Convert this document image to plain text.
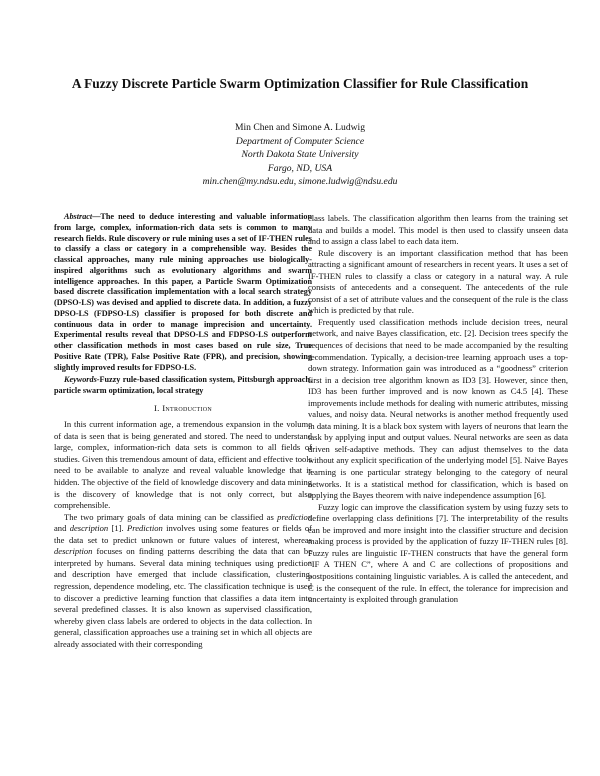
A Fuzzy Discrete Particle Swarm Optimization Classifier for Rule Classification
Min Chen and Simone A. Ludwig
Department of Computer Science
North Dakota State University
Fargo, ND, USA
min.chen@my.ndsu.edu, simone.ludwig@ndsu.edu

Abstract—The need to deduce interesting and valuable information from large, complex, information-rich data sets is common to many research fields. Rule discovery or rule mining uses a set of IF-THEN rules to classify a class or category in a comprehensible way. Besides the classical approaches, many rule mining approaches use biologically-inspired algorithms such as evolutionary algorithms and swarm intelligence approaches. In this paper, a Particle Swarm Optimization based discrete classification implementation with a local search strategy (DPSO-LS) was devised and applied to discrete data. In addition, a fuzzy DPSO-LS (FDPSO-LS) classifier is proposed for both discrete and continuous data in order to manage imprecision and uncertainty. Experimental results reveal that DPSO-LS and FDPSO-LS outperform other classification methods in most cases based on rule size, True Positive Rate (TPR), False Positive Rate (FPR), and precision, showing slightly improved results for FDPSO-LS.

Keywords-Fuzzy rule-based classification system, Pittsburgh approach, particle swarm optimization, local strategy

I. Introduction

In this current information age, a tremendous expansion in the volume of data is seen that is being generated and stored. The need to understand large, complex, information-rich data sets is common to all fields of studies. Given this tremendous amount of data, efficient and effective tools need to be available to analyze and reveal valuable knowledge that is hidden. The objective of the field of knowledge discovery and data mining is the discovery of knowledge that is not only correct, but also comprehensible.

The two primary goals of data mining can be classified as prediction and description [1]. Prediction involves using some features or fields of the data set to predict unknown or future values of interest, whereas description focuses on finding patterns describing the data that can be interpreted by humans. Several data mining techniques using prediction and description have emerged that include classification, clustering, regression, dependence modeling, etc. The classification technique is used to discover a predictive learning function that classifies a data item into several predefined classes. It is also known as supervised classification, whereby given class labels are ordered to objects in the data collection. In general, classification approaches use a training set in which all objects are already associated with their corresponding

class labels. The classification algorithm then learns from the training set data and builds a model. This model is then used to classify unseen data and to assign a class label to each data item.

Rule discovery is an important classification method that has been attracting a significant amount of researchers in recent years. It uses a set of IF-THEN rules to classify a class or category in a natural way. A rule consists of antecedents and a consequent. The antecedents of the rule consist of a set of attribute values and the consequent of the rule is the class which is predicted by that rule.

Frequently used classification methods include decision trees, neural network, and naive Bayes classification, etc. [2]. Decision trees specify the sequences of decisions that need to be made accompanied by the resulting recommendation. Typically, a decision-tree learning approach uses a top-down strategy. Information gain was introduced as a “goodness” criterion first in a decision tree algorithm known as ID3 [3]. However, since then, ID3 has been further improved and is now known as C4.5 [4]. These improvements include methods for dealing with numeric attributes, missing values, and noisy data. Neural networks is another method frequently used in data mining. It is a black box system with layers of neurons that learn the task by applying input and output values. Neural networks are seen as data driven self-adaptive methods. They can adjust themselves to the data without any explicit specification of the underlying model [5]. Naive Bayes learning is one particular strategy belonging to the category of neural networks. It is a statistical method for classification, which is based on applying the Bayes theorem with naive independence assumption [6].

Fuzzy logic can improve the classification system by using fuzzy sets to define overlapping class definitions [7]. The interpretability of the results can be improved and more insight into the classifier structure and decision making process is provided by the application of fuzzy IF-THEN rules [8]. Fuzzy rules are linguistic IF-THEN constructs that have the general form “IF A THEN C”, where A and C are collections of propositions and postpositions containing linguistic variables. A is called the antecedent, and C is the consequent of the rule. In effect, the tolerance for imprecision and uncertainty is exploited through granulation
